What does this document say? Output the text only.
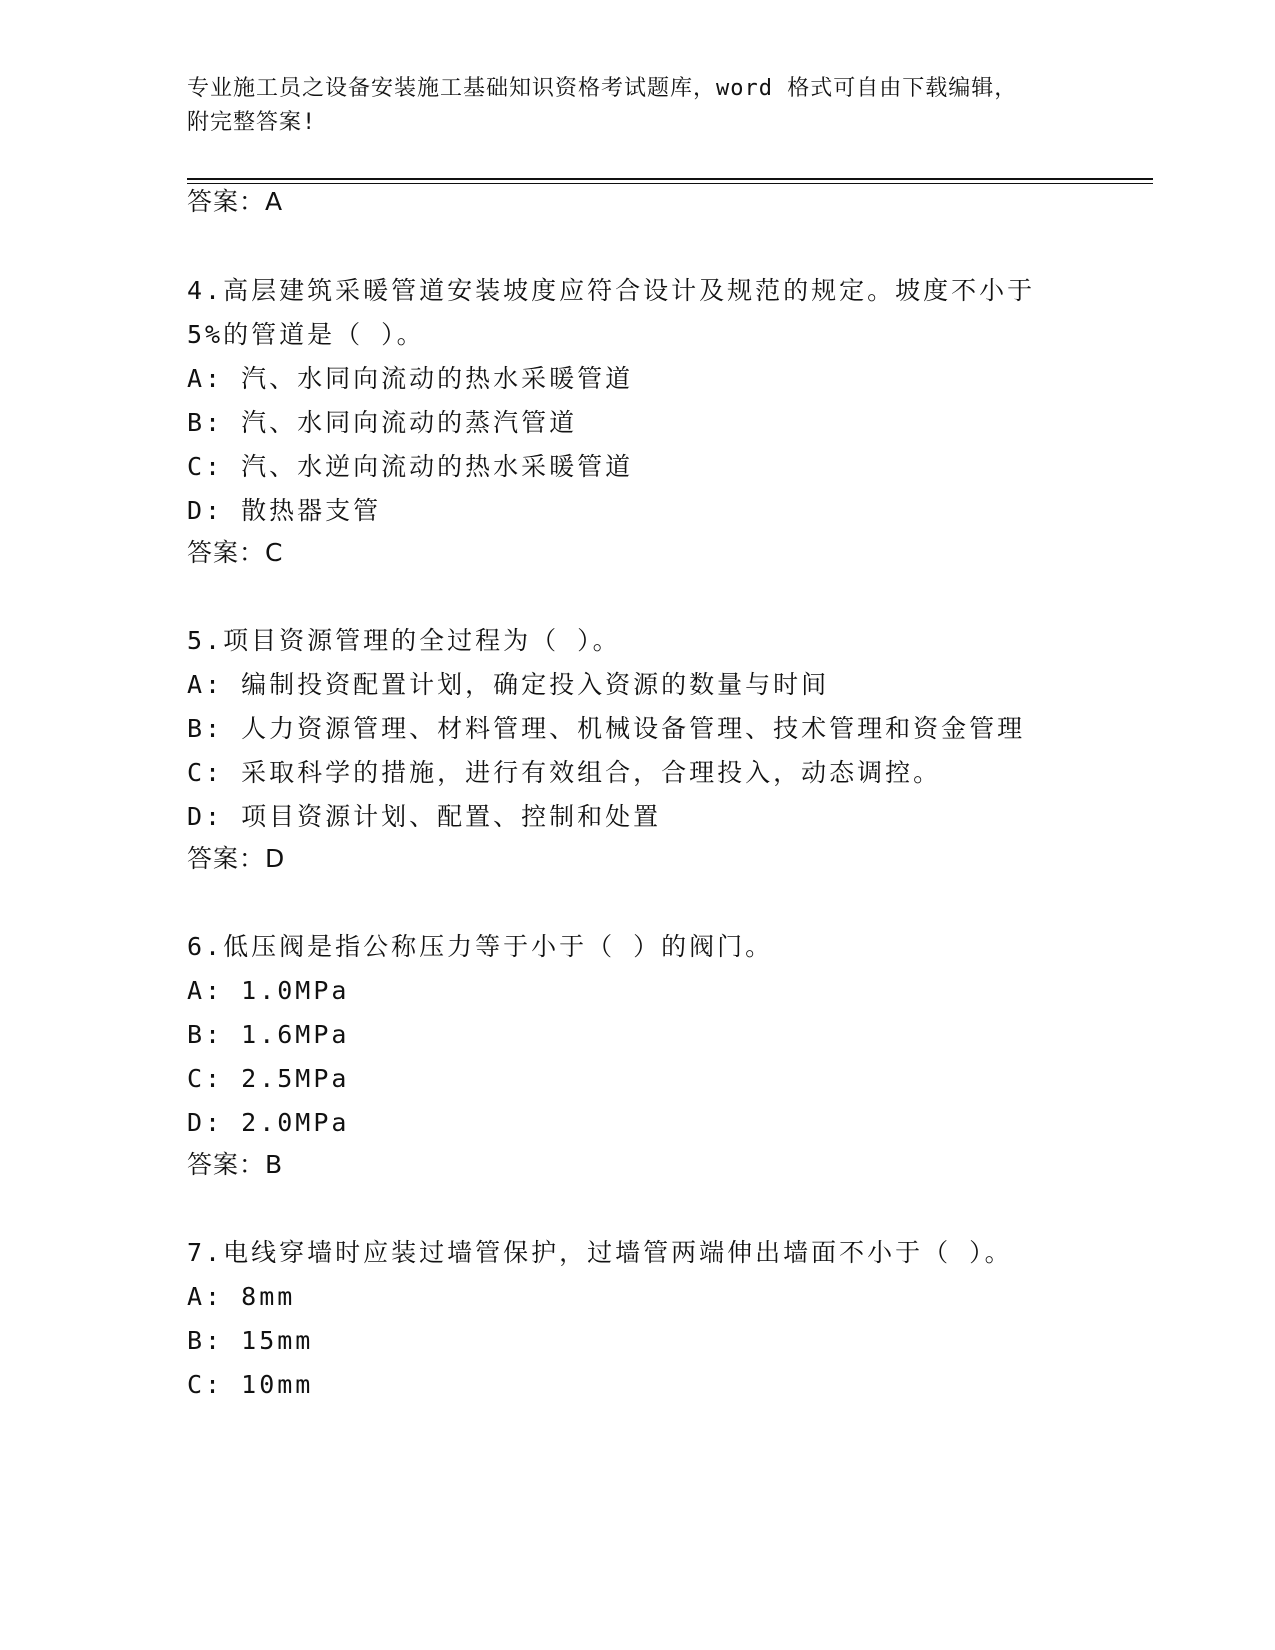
专业施工员之设备安装施工基础知识资格考试题库，word 格式可自由下载编辑，
附完整答案!
答案：A
4.高层建筑采暖管道安装坡度应符合设计及规范的规定。坡度不小于
5%的管道是（ ）。
A: 汽、水同向流动的热水采暖管道
B: 汽、水同向流动的蒸汽管道
C: 汽、水逆向流动的热水采暖管道
D: 散热器支管
答案：C
5.项目资源管理的全过程为（ ）。
A: 编制投资配置计划，确定投入资源的数量与时间
B: 人力资源管理、材料管理、机械设备管理、技术管理和资金管理
C: 采取科学的措施，进行有效组合，合理投入，动态调控。
D: 项目资源计划、配置、控制和处置
答案：D
6.低压阀是指公称压力等于小于（ ）的阀门。
A: 1.0MPa
B: 1.6MPa
C: 2.5MPa
D: 2.0MPa
答案：B
7.电线穿墙时应装过墙管保护，过墙管两端伸出墙面不小于（ ）。
A: 8mm
B: 15mm
C: 10mm
